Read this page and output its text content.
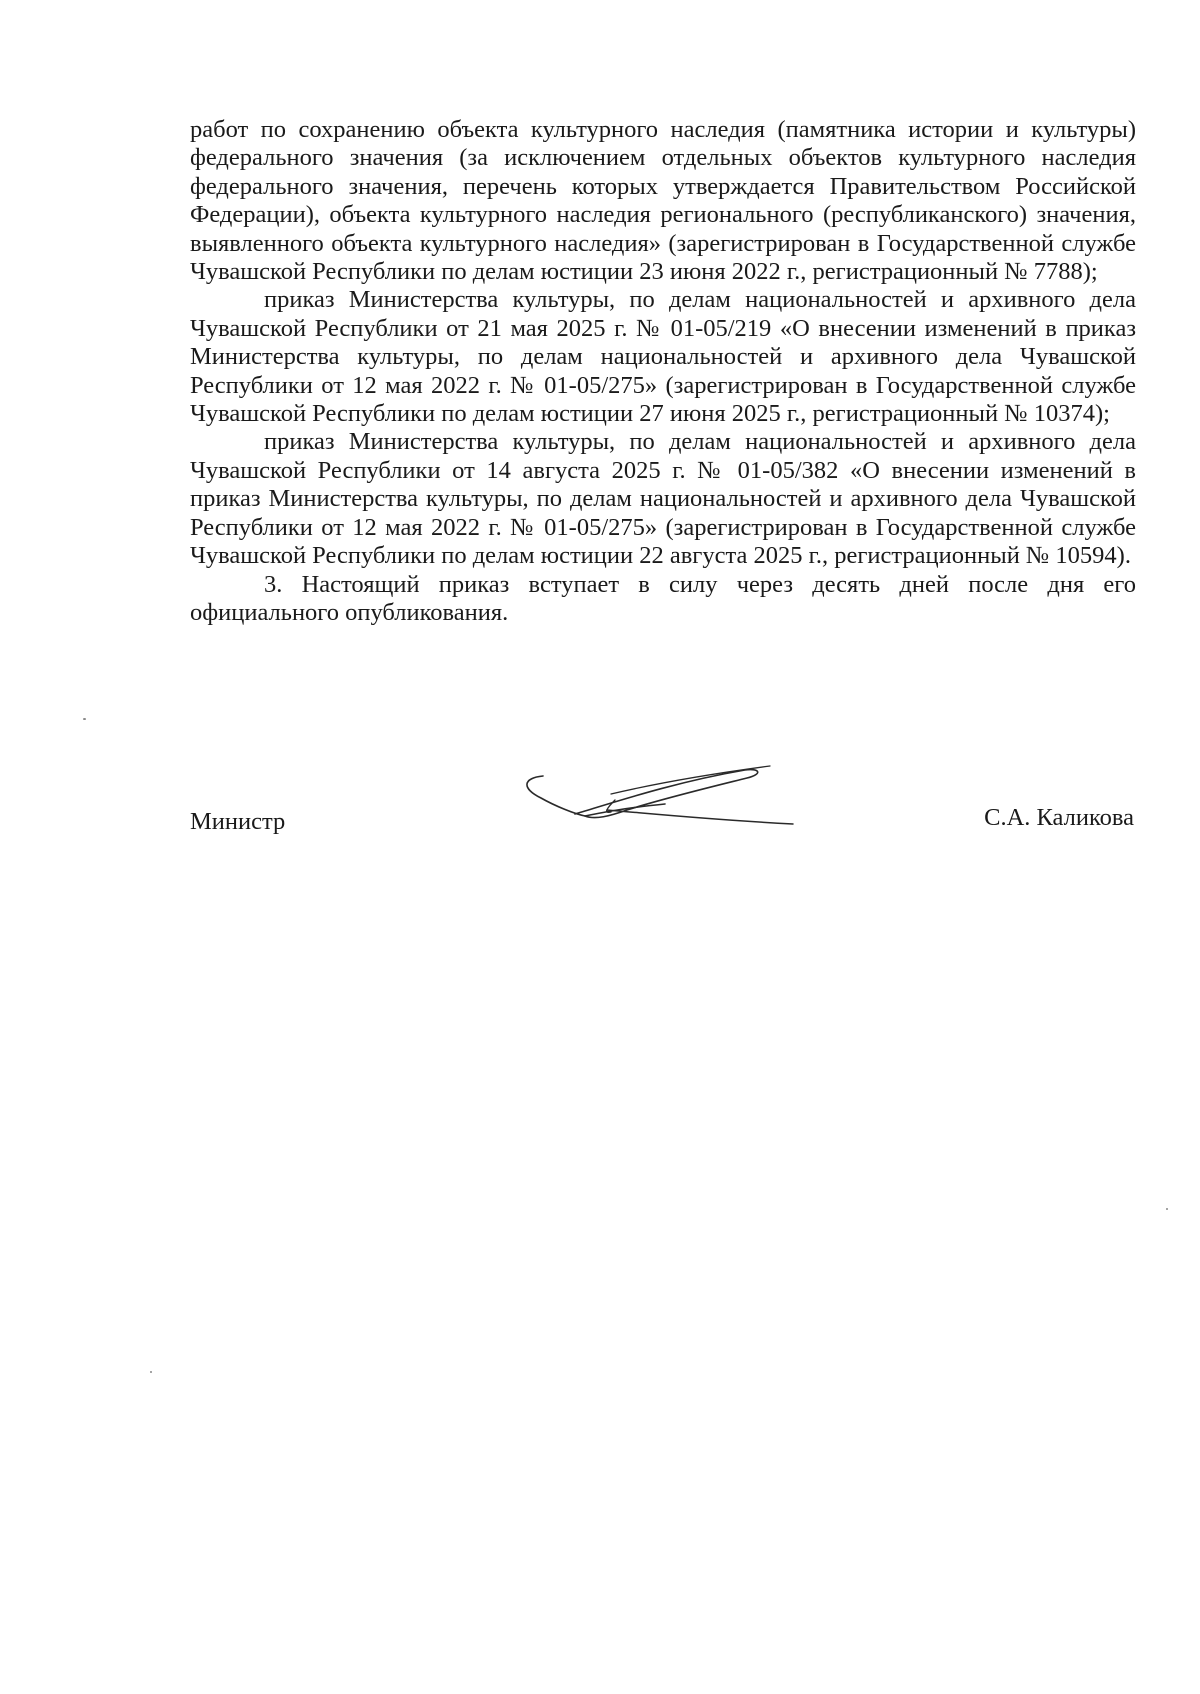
работ по сохранению объекта культурного наследия (памятника истории и культуры) федерального значения (за исключением отдельных объектов культурного наследия федерального значения, перечень которых утверждается Правительством Российской Федерации), объекта культурного наследия регионального (республиканского) значения, выявленного объекта культурного наследия» (зарегистрирован в Государственной службе Чувашской Республики по делам юстиции 23 июня 2022 г., регистрационный № 7788);

приказ Министерства культуры, по делам национальностей и архивного дела Чувашской Республики от 21 мая 2025 г. № 01-05/219 «О внесении изменений в приказ Министерства культуры, по делам национальностей и архивного дела Чувашской Республики от 12 мая 2022 г. № 01-05/275» (зарегистрирован в Государственной службе Чувашской Республики по делам юстиции 27 июня 2025 г., регистрационный № 10374);

приказ Министерства культуры, по делам национальностей и архивного дела Чувашской Республики от 14 августа 2025 г. № 01-05/382 «О внесении изменений в приказ Министерства культуры, по делам национальностей и архивного дела Чувашской Республики от 12 мая 2022 г. № 01-05/275» (зарегистрирован в Государственной службе Чувашской Республики по делам юстиции 22 августа 2025 г., регистрационный № 10594).

3. Настоящий приказ вступает в силу через десять дней после дня его официального опубликования.

Министр	С.А. Каликова
